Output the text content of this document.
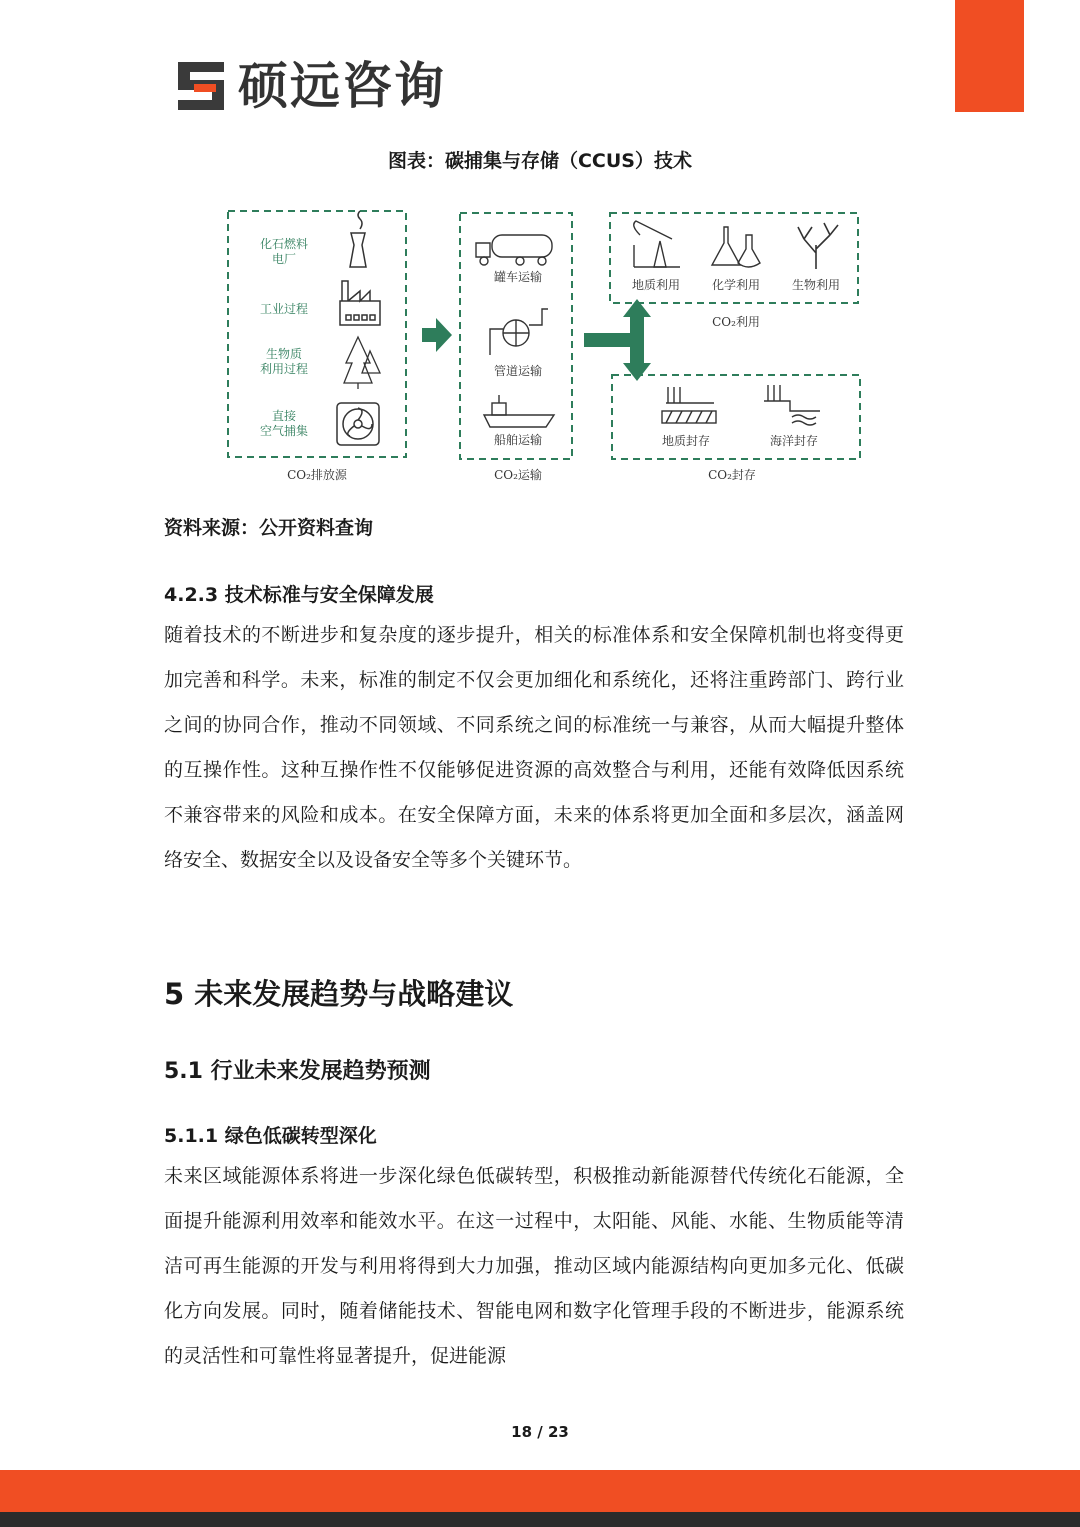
硕远咨询
图表：碳捕集与存储（CCUS）技术
化石燃料
电厂
工业过程
生物质
利用过程
直接
空气捕集
CO₂排放源
罐车运输
管道运输
船舶运输
CO₂运输
地质利用	化学利用	生物利用
CO₂利用
地质封存	海洋封存
CO₂封存
资料来源：公开资料查询
4.2.3 技术标准与安全保障发展

随着技术的不断进步和复杂度的逐步提升，相关的标准体系和安全保障机制也将变得更加完善和科学。未来，标准的制定不仅会更加细化和系统化，还将注重跨部门、跨行业之间的协同合作，推动不同领域、不同系统之间的标准统一与兼容，从而大幅提升整体的互操作性。这种互操作性不仅能够促进资源的高效整合与利用，还能有效降低因系统不兼容带来的风险和成本。在安全保障方面，未来的体系将更加全面和多层次，涵盖网络安全、数据安全以及设备安全等多个关键环节。

5 未来发展趋势与战略建议
5.1 行业未来发展趋势预测
5.1.1 绿色低碳转型深化

未来区域能源体系将进一步深化绿色低碳转型，积极推动新能源替代传统化石能源，全面提升能源利用效率和能效水平。在这一过程中，太阳能、风能、水能、生物质能等清洁可再生能源的开发与利用将得到大力加强，推动区域内能源结构向更加多元化、低碳化方向发展。同时，随着储能技术、智能电网和数字化管理手段的不断进步，能源系统的灵活性和可靠性将显著提升，促进能源

18 / 23
